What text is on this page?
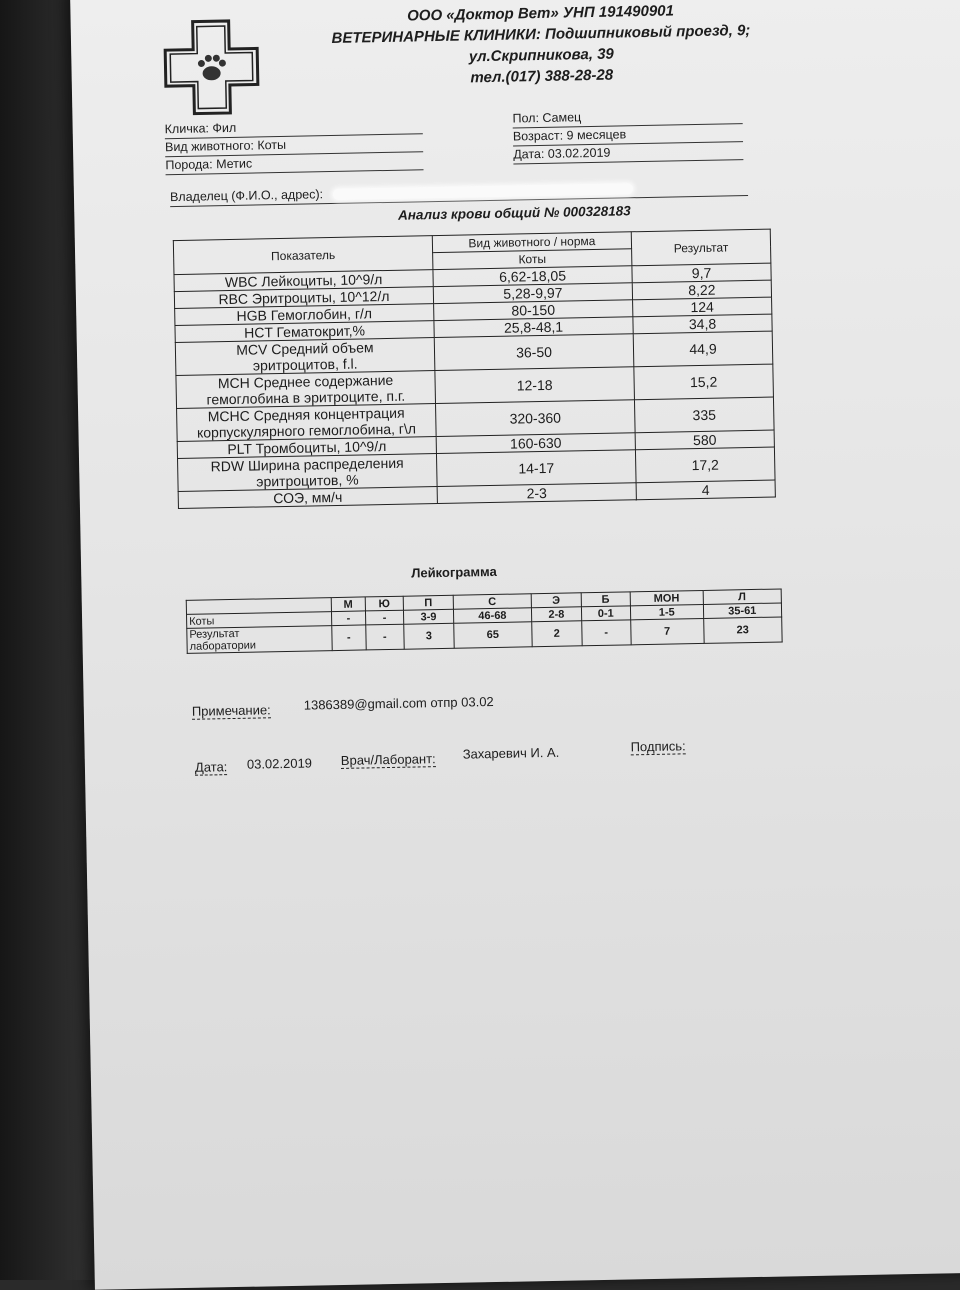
ООО «Доктор Вет» УНП 191490901
ВЕТЕРИНАРНЫЕ КЛИНИКИ: Подшипниковый проезд, 9;
ул.Скрипникова, 39
тел.(017) 388-28-28
Кличка: Фил
Вид животного: Коты
Порода: Метис
Пол: Самец
Возраст: 9 месяцев
Дата: 03.02.2019
Владелец (Ф.И.О., адрес):
Анализ крови общий № 000328183
Показатель	Вид животного / норма	Результат
	Коты	
WBC Лейкоциты, 10^9/л	6,62-18,05	9,7
RBC Эритроциты, 10^12/л	5,28-9,97	8,22
HGB Гемоглобин, г/л	80-150	124
HCT Гематокрит,%	25,8-48,1	34,8

MCV Средний объем
эритроцитов, f.l.	36-50	44,9

MCH Среднее содержание
гемоглобина в эритроците, п.г.	12-18	15,2

MCHC Средняя концентрация
корпускулярного гемоглобина, г\л	320-360	335
PLT Тромбоциты, 10^9/л	160-630	580

RDW Ширина распределения
эритроцитов, %	14-17	17,2
СОЭ, мм/ч	2-3	4
Лейкограмма
	М	Ю	П	С	Э	Б	МОН	Л
Коты	-	-	3-9	46-68	2-8	0-1	1-5	35-61

Результат
лаборатории	-	-	3	65	2	-	7	23
Примечание:	1386389@gmail.com отпр 03.02
Дата: 03.02.2019 Врач/Лаборант: Захаревич И. А.	Подпись:
